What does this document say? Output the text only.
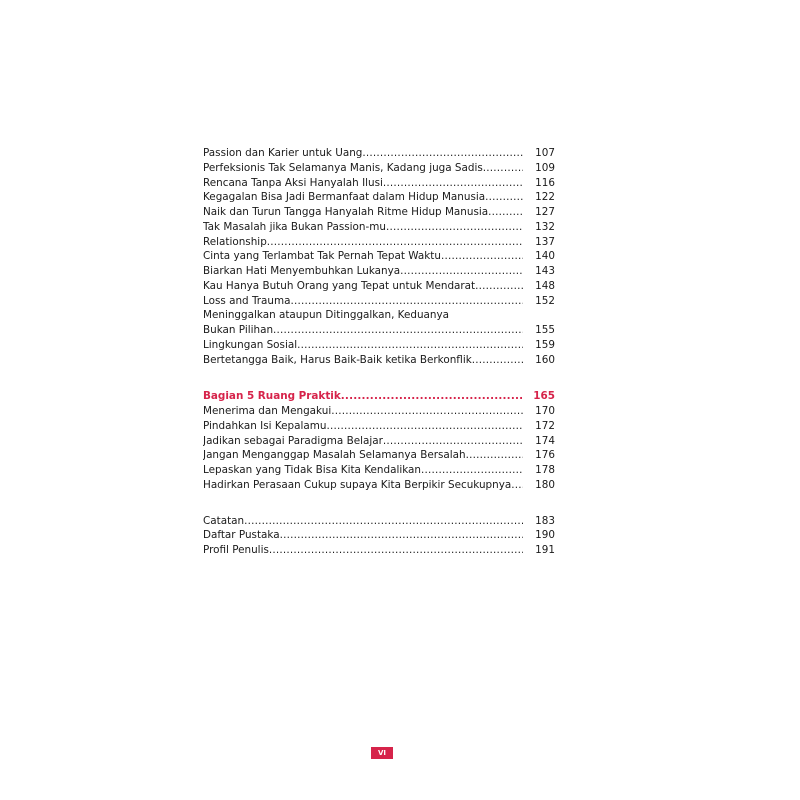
Passion dan Karier untuk Uang .....	107
Perfeksionis Tak Selamanya Manis, Kadang juga Sadis .....	109
Rencana Tanpa Aksi Hanyalah Ilusi .....	116
Kegagalan Bisa Jadi Bermanfaat dalam Hidup Manusia .....	122
Naik dan Turun Tangga Hanyalah Ritme Hidup Manusia .....	127
Tak Masalah jika Bukan Passion-mu .....	132
Relationship .....	137
Cinta yang Terlambat Tak Pernah Tepat Waktu .....	140
Biarkan Hati Menyembuhkan Lukanya .....	143
Kau Hanya Butuh Orang yang Tepat untuk Mendarat .....	148
Loss and Trauma .....	152
Meninggalkan ataupun Ditinggalkan, Keduanya
Bukan Pilihan .....	155
Lingkungan Sosial .....	159
Bertetangga Baik, Harus Baik-Baik ketika Berkonflik .....	160
Bagian 5 Ruang Praktik .....	165
Menerima dan Mengakui .....	170
Pindahkan Isi Kepalamu .....	172
Jadikan sebagai Paradigma Belajar .....	174
Jangan Menganggap Masalah Selamanya Bersalah .....	176
Lepaskan yang Tidak Bisa Kita Kendalikan .....	178
Hadirkan Perasaan Cukup supaya Kita Berpikir Secukupnya .....	180
Catatan .....	183
Daftar Pustaka .....	190
Profil Penulis .....	191
VI
